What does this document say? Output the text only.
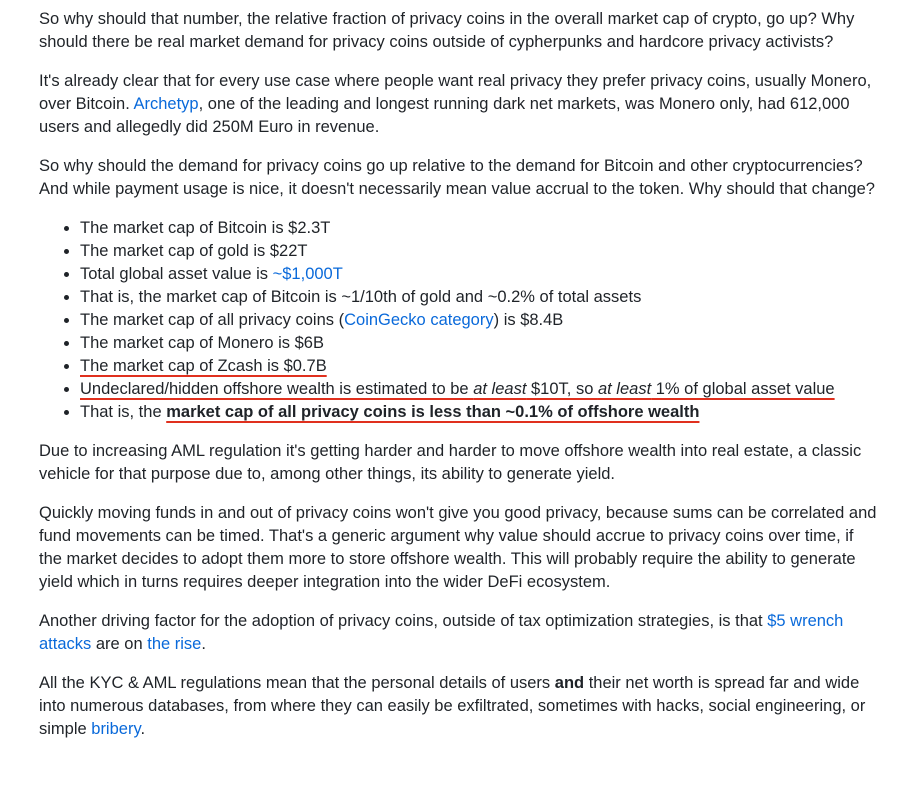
So why should that number, the relative fraction of privacy coins in the overall market cap of crypto, go up? Why should there be real market demand for privacy coins outside of cypherpunks and hardcore privacy activists?

It's already clear that for every use case where people want real privacy they prefer privacy coins, usually Monero, over Bitcoin. Archetyp, one of the leading and longest running dark net markets, was Monero only, had 612,000 users and allegedly did 250M Euro in revenue.

So why should the demand for privacy coins go up relative to the demand for Bitcoin and other cryptocurrencies? And while payment usage is nice, it doesn't necessarily mean value accrual to the token. Why should that change?

• The market cap of Bitcoin is $2.3T
• The market cap of gold is $22T
• Total global asset value is ~$1,000T
• That is, the market cap of Bitcoin is ~1/10th of gold and ~0.2% of total assets
• The market cap of all privacy coins (CoinGecko category) is $8.4B
• The market cap of Monero is $6B
• The market cap of Zcash is $0.7B
• Undeclared/hidden offshore wealth is estimated to be at least $10T, so at least 1% of global asset value
• That is, the market cap of all privacy coins is less than ~0.1% of offshore wealth

Due to increasing AML regulation it's getting harder and harder to move offshore wealth into real estate, a classic vehicle for that purpose due to, among other things, its ability to generate yield.

Quickly moving funds in and out of privacy coins won't give you good privacy, because sums can be correlated and fund movements can be timed. That's a generic argument why value should accrue to privacy coins over time, if the market decides to adopt them more to store offshore wealth. This will probably require the ability to generate yield which in turns requires deeper integration into the wider DeFi ecosystem.

Another driving factor for the adoption of privacy coins, outside of tax optimization strategies, is that $5 wrench attacks are on the rise.

All the KYC & AML regulations mean that the personal details of users and their net worth is spread far and wide into numerous databases, from where they can easily be exfiltrated, sometimes with hacks, social engineering, or simple bribery.
